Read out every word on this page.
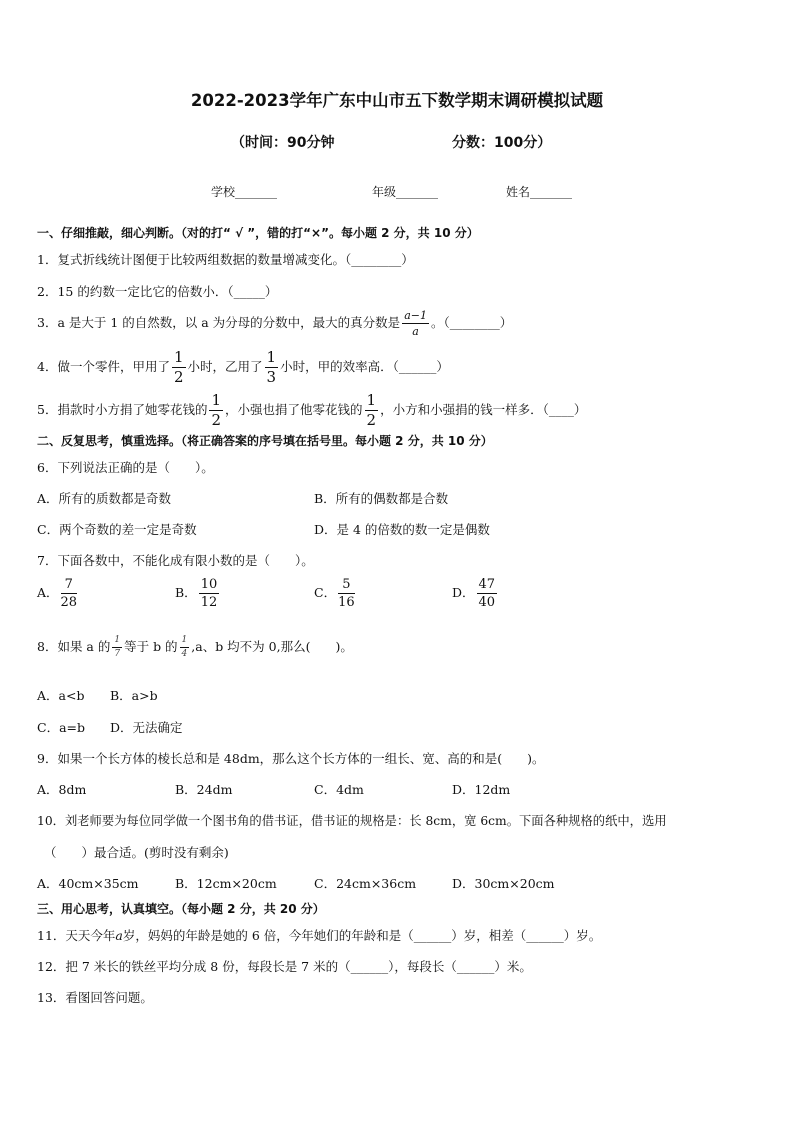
2022-2023学年广东中山市五下数学期末调研模拟试题
（时间：90分钟	分数：100分）
学校_______	年级_______	姓名_______
一、仔细推敲，细心判断。（对的打“ √ ”，错的打“×”。每小题 2 分，共 10 分）
1．复式折线统计图便于比较两组数据的数量增减变化。（________）
2．15 的约数一定比它的倍数小．（_____）
3．a 是大于 1 的自然数，以 a 为分母的分数中，最大的真分数是 $\frac{a-1}{a}$ 。（________）
4．做一个零件，甲用了 $\frac{1}{2}$ 小时，乙用了 $\frac{1}{3}$ 小时，甲的效率高．（______）
5．捐款时小方捐了她零花钱的 $\frac{1}{2}$ ，小强也捐了他零花钱的 $\frac{1}{2}$ ，小方和小强捐的钱一样多．（____）
二、反复思考，慎重选择。（将正确答案的序号填在括号里。每小题 2 分，共 10 分）
6．下列说法正确的是（　　）。
A．所有的质数都是奇数	B．所有的偶数都是合数
C．两个奇数的差一定是奇数	D．是 4 的倍数的数一定是偶数
7．下面各数中，不能化成有限小数的是（　　）。
A． $\frac{7}{28}$	B． $\frac{10}{12}$	C． $\frac{5}{16}$	D． $\frac{47}{40}$
8．如果 a 的 $\frac{1}{7}$ 等于 b 的 $\frac{1}{4} ,a$、b 均不为 0,那么(　　)。
A．a<b B．a>b
C．a=b D．无法确定
9．如果一个长方体的棱长总和是 48dm，那么这个长方体的一组长、宽、高的和是(　　)。
A．8dm	B．24dm	C．4dm	D．12dm
10．刘老师要为每位同学做一个图书角的借书证，借书证的规格是：长 8cm，宽 6cm。下面各种规格的纸中，选用
（　　）最合适。(剪时没有剩余)
A．40cm×35cm	B．12cm×20cm	C．24cm×36cm	D．30cm×20cm
三、用心思考，认真填空。（每小题 2 分，共 20 分）
11．天天今年a岁，妈妈的年龄是她的 6 倍，今年她们的年龄和是（______）岁，相差（______）岁。
12．把 7 米长的铁丝平均分成 8 份，每段长是 7 米的（______），每段长（______）米。
13．看图回答问题。
